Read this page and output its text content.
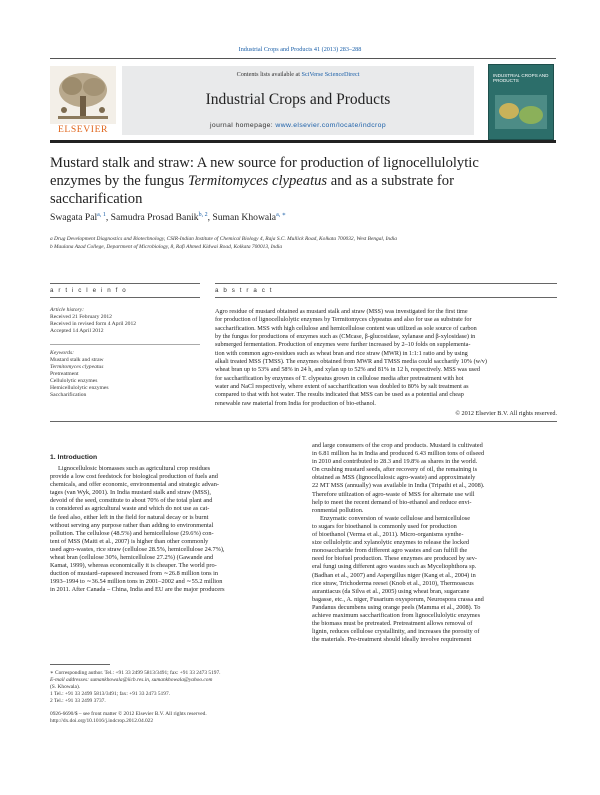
Industrial Crops and Products 41 (2013) 283–288
ELSEVIER
Contents lists available at SciVerse ScienceDirect
Industrial Crops and Products
journal homepage: www.elsevier.com/locate/indcrop
INDUSTRIAL CROPS AND PRODUCTS
Mustard stalk and straw: A new source for production of lignocellulolytic
enzymes by the fungus Termitomyces clypeatus and as a substrate for
saccharification
Swagata Pal$^{a, 1}$, Samudra Prosad Banik$^{b, 2}$, Suman Khowala$^{a, ∗}$
a Drug Development Diagnostics and Biotechnology, CSIR-Indian Institute of Chemical Biology 4, Raja S.C. Mullick Road, Kolkata 700032, West Bengal, India
b Maulana Azad College, Department of Microbiology, 8, Rafi Ahmed Kidwai Road, Kolkata 700013, India
a r t i c l e i n f o	a b s t r a c t
Article history:
Received 21 February 2012
Received in revised form 4 April 2012
Accepted 14 April 2012
Keywords:
Mustard stalk and straw
Termitomyces clypeatus
Pretreatment
Cellulolytic enzymes
Hemicellulolytic enzymes
Saccharification
Agro residue of mustard obtained as mustard stalk and straw (MSS) was investigated for the first time
for production of lignocellulolytic enzymes by Termitomyces clypeatus and also for use as substrate for
saccharification. MSS with high cellulose and hemicellulose content was utilized as sole source of carbon
by the fungus for productions of enzymes such as (CMcase, β-glucosidase, xylanase and β-xylosidase) in
submerged fermentation. Production of enzymes were further increased by 2–10 folds on supplementa-
tion with common agro-residues such as wheat bran and rice straw (MWR) in 1:1:1 ratio and by using
alkali treated MSS (TMSS). The enzymes obtained from MWR and TMSS media could saccharify 10% (w/v)
wheat bran up to 53% and 58% in 24 h, and xylan up to 52% and 81% in 12 h, respectively. MSS was used
for saccharification by enzymes of T. clypeatus grown in cellulose media after pretreatment with hot
water and NaCl respectively, where extent of saccharification was doubled to 80% by salt treatment as
compared to that with hot water. The results indicated that MSS can be used as a potential and cheap
renewable raw material from India for production of bio-ethanol.
© 2012 Elsevier B.V. All rights reserved.
1. Introduction
Lignocellulosic biomasses such as agricultural crop residues
provide a low cost feedstock for biological production of fuels and
chemicals, and offer economic, environmental and strategic advan-
tages (van Wyk, 2001). In India mustard stalk and straw (MSS),
devoid of the seed, constitute to about 70% of the total plant and
is considered as agricultural waste and which do not use as cat-
tle feed also, either left in the field for natural decay or is burnt
without serving any purpose rather than adding to environmental
pollution. The cellulose (48.5%) and hemicellulose (29.6%) con-
tent of MSS (Maiti et al., 2007) is higher than other commonly
used agro-wastes, rice straw (cellulose 28.5%, hemicellulose 24.7%),
wheat bran (cellulose 30%, hemicellulose 27.2%) (Gawande and
Kamat, 1999), whereas economically it is cheaper. The world pro-
duction of mustard–rapeseed increased from ∼26.8 million tons in
1993–1994 to ∼36.54 million tons in 2001–2002 and ∼55.2 million
in 2011. After Canada – China, India and EU are the major producers
and large consumers of the crop and products. Mustard is cultivated
in 6.81 million ha in India and produced 6.43 million tons of oilseed
in 2010 and contributed to 28.3 and 19.8% as shares in the world.
On crushing mustard seeds, after recovery of oil, the remaining is
obtained as MSS (lignocellulosic agro-waste) and approximately
22 MT MSS (annually) was available in India (Tripathi et al., 2008).
Therefore utilization of agro-waste of MSS for alternate use will
help to meet the recent demand of bio-ethanol and reduce envi-
ronmental pollution.
Enzymatic conversion of waste cellulose and hemicellulose
to sugars for bioethanol is commonly used for production
of bioethanol (Verma et al., 2011). Micro-organisms synthe-
size cellulolytic and xylanolytic enzymes to release the locked
monosaccharide from different agro wastes and can fulfill the
need for biofuel production. These enzymes are produced by sev-
eral fungi using different agro wastes such as Myceliophthora sp.
(Badhan et al., 2007) and Aspergillus niger (Kang et al., 2004) in
rice straw, Trichoderma reesei (Knob et al., 2010), Thermoascus
aurantiacus (da Silva et al., 2005) using wheat bran, sugarcane
bagasse, etc., A. niger, Fusarium oxysporum, Neurospora crassa and
Pandanus decumbens using orange peels (Mamma et al., 2008). To
achieve maximum saccharification from lignocellulolytic enzymes
the biomass must be pretreated. Pretreatment allows removal of
lignin, reduces cellulose crystallinity, and increases the porosity of
the materials. Pre-treatment should ideally involve requirement
∗ Corresponding author. Tel.: +91 33 2499 5813/3491; fax: +91 33 2473 5197.
E-mail addresses: sumankhowala@iicb.res.in, sumankhowala@yahoo.com
(S. Khowala).
1 Tel.: +91 33 2499 5813/3491; fax: +91 33 2473 5197.
2 Tel.: +91 33 2499 3737.
0926-6690/$ – see front matter © 2012 Elsevier B.V. All rights reserved.
http://dx.doi.org/10.1016/j.indcrop.2012.04.022
